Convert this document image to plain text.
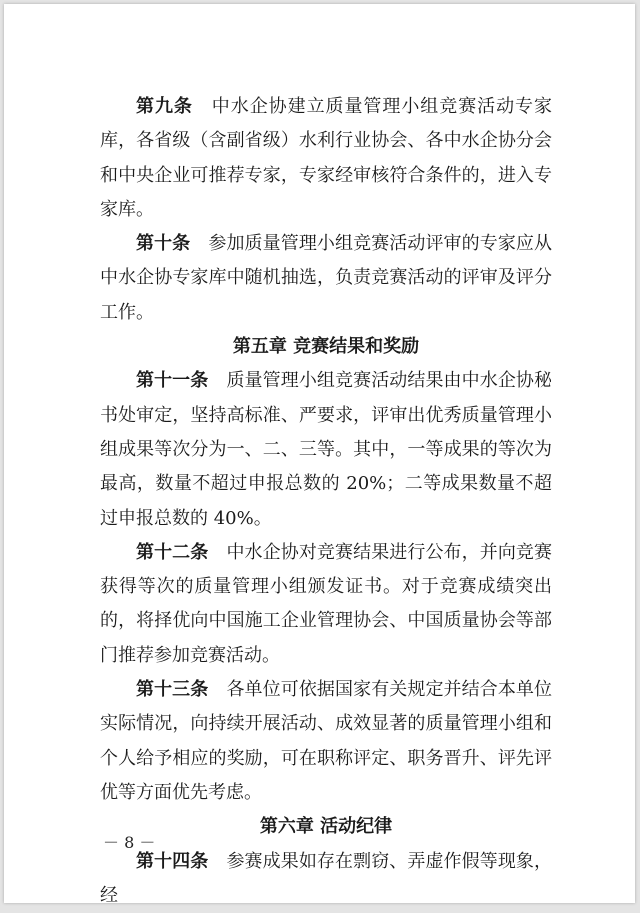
第九条  中水企协建立质量管理小组竞赛活动专家库，各省级（含副省级）水利行业协会、各中水企协分会和中央企业可推荐专家，专家经审核符合条件的，进入专家库。

第十条  参加质量管理小组竞赛活动评审的专家应从中水企协专家库中随机抽选，负责竞赛活动的评审及评分工作。

第五章 竞赛结果和奖励

第十一条  质量管理小组竞赛活动结果由中水企协秘书处审定，坚持高标准、严要求，评审出优秀质量管理小组成果等次分为一、二、三等。其中，一等成果的等次为最高，数量不超过申报总数的 20%；二等成果数量不超过申报总数的 40%。

第十二条  中水企协对竞赛结果进行公布，并向竞赛获得等次的质量管理小组颁发证书。对于竞赛成绩突出的，将择优向中国施工企业管理协会、中国质量协会等部门推荐参加竞赛活动。

第十三条  各单位可依据国家有关规定并结合本单位实际情况，向持续开展活动、成效显著的质量管理小组和个人给予相应的奖励，可在职称评定、职务晋升、评先评优等方面优先考虑。

第六章 活动纪律

第十四条  参赛成果如存在剽窃、弄虚作假等现象，经

－ 8 －
